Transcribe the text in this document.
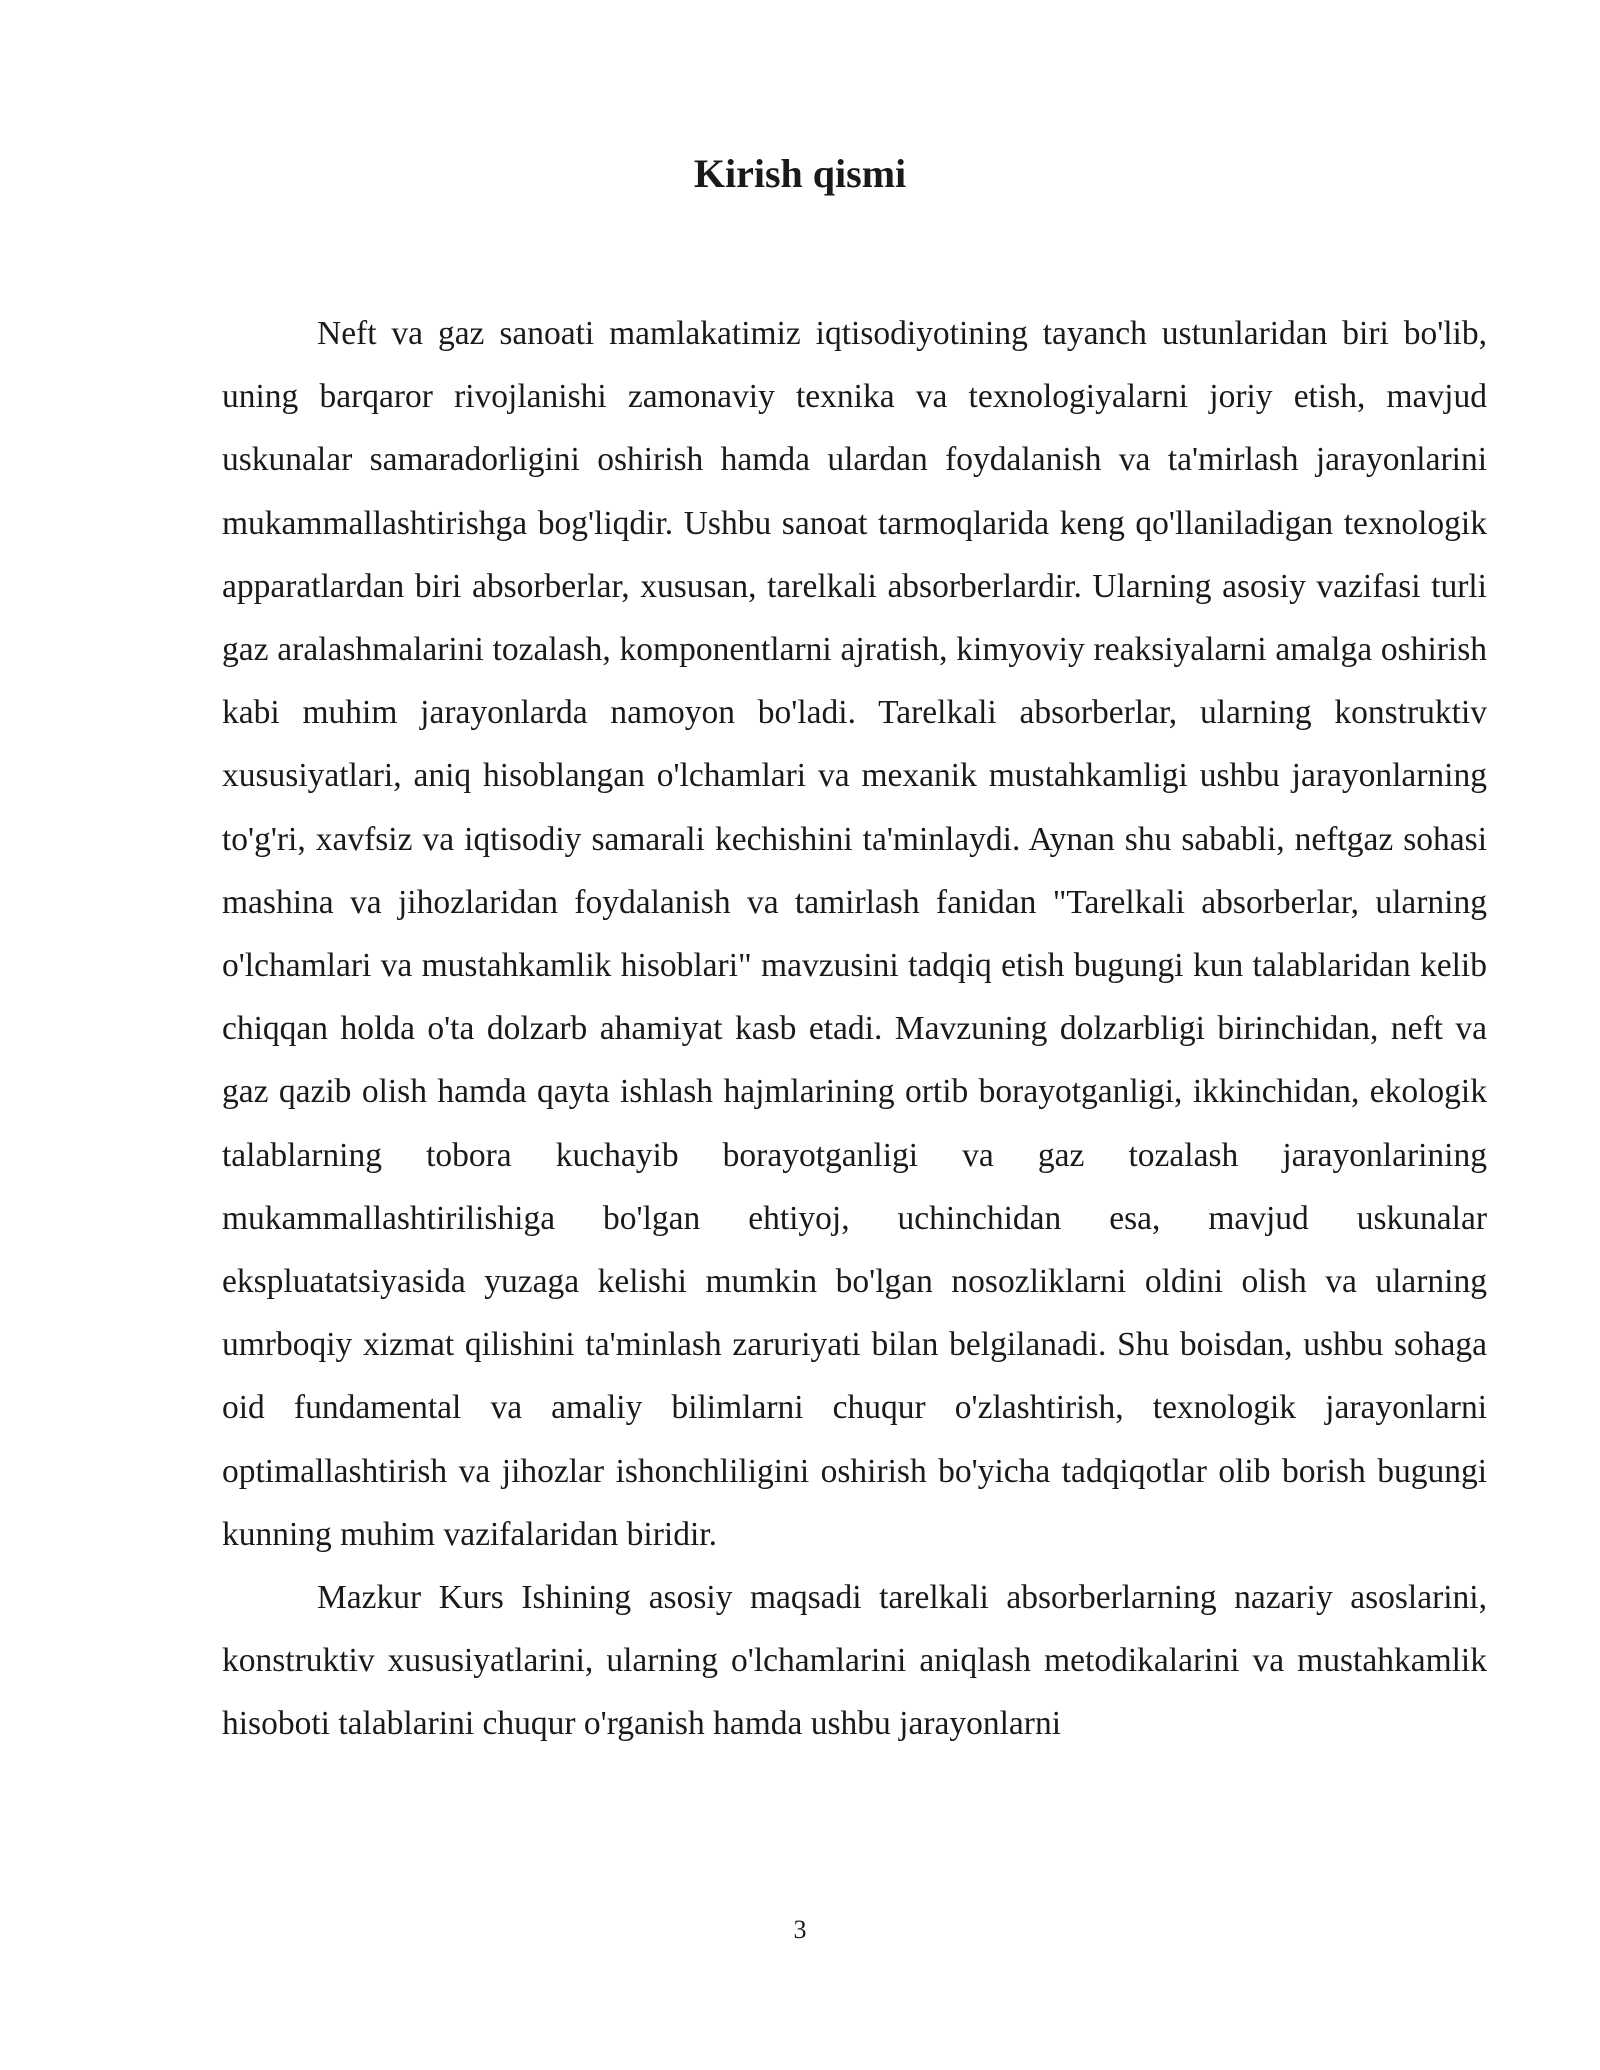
Kirish qismi

Neft va gaz sanoati mamlakatimiz iqtisodiyotining tayanch ustunlaridan biri bo'lib, uning barqaror rivojlanishi zamonaviy texnika va texnologiyalarni joriy etish, mavjud uskunalar samaradorligini oshirish hamda ulardan foydalanish va ta'mirlash jarayonlarini mukammallashtirishga bog'liqdir. Ushbu sanoat tarmoqlarida keng qo'llaniladigan texnologik apparatlardan biri absorberlar, xususan, tarelkali absorberlardir. Ularning asosiy vazifasi turli gaz aralashmalarini tozalash, komponentlarni ajratish, kimyoviy reaksiyalarni amalga oshirish kabi muhim jarayonlarda namoyon bo'ladi. Tarelkali absorberlar, ularning konstruktiv xususiyatlari, aniq hisoblangan o'lchamlari va mexanik mustahkamligi ushbu jarayonlarning to'g'ri, xavfsiz va iqtisodiy samarali kechishini ta'minlaydi. Aynan shu sababli, neftgaz sohasi mashina va jihozlaridan foydalanish va tamirlash fanidan "Tarelkali absorberlar, ularning o'lchamlari va mustahkamlik hisoblari" mavzusini tadqiq etish bugungi kun talablaridan kelib chiqqan holda o'ta dolzarb ahamiyat kasb etadi. Mavzuning dolzarbligi birinchidan, neft va gaz qazib olish hamda qayta ishlash hajmlarining ortib borayotganligi, ikkinchidan, ekologik talablarning tobora kuchayib borayotganligi va gaz tozalash jarayonlarining mukammallashtirilishiga bo'lgan ehtiyoj, uchinchidan esa, mavjud uskunalar ekspluatatsiyasida yuzaga kelishi mumkin bo'lgan nosozliklarni oldini olish va ularning umrboqiy xizmat qilishini ta'minlash zaruriyati bilan belgilanadi. Shu boisdan, ushbu sohaga oid fundamental va amaliy bilimlarni chuqur o'zlashtirish, texnologik jarayonlarni optimallashtirish va jihozlar ishonchliligini oshirish bo'yicha tadqiqotlar olib borish bugungi kunning muhim vazifalaridan biridir.

Mazkur Kurs Ishining asosiy maqsadi tarelkali absorberlarning nazariy asoslarini, konstruktiv xususiyatlarini, ularning o'lchamlarini aniqlash metodikalarini va mustahkamlik hisoboti talablarini chuqur o'rganish hamda ushbu jarayonlarni

3
